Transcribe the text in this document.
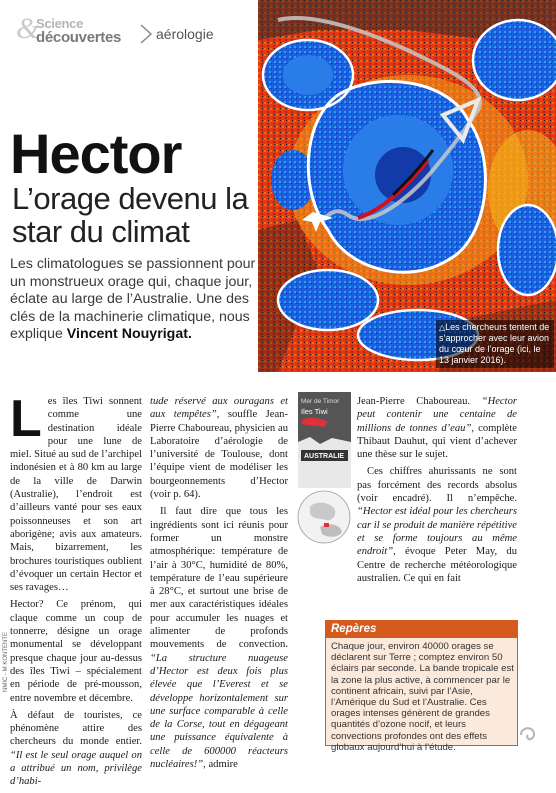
&
Science
découvertes aérologie
△Les chercheurs tentent de s’approcher avec leur avion du cœur de l’orage (ici, le 13 janvier 2016).
Hector
L’orage devenu la star du climat
Les climatologues se passionnent pour un monstrueux orage qui, chaque jour, éclate au large de l’Australie. Une des clés de la machinerie climatique, nous explique Vincent Nouyrigat.

Les îles Tiwi sonnent comme une destination idéale pour une lune de miel. Situé au sud de l’archipel indonésien et à 80 km au large de la ville de Darwin (Australie), l’endroit est d’ailleurs vanté pour ses eaux poissonneuses et son art aborigène; avis aux amateurs. Mais, bizarrement, les brochures touristiques oublient d’évoquer un certain Hector et ses ravages…

Hector? Ce prénom, qui claque comme un coup de tonnerre, désigne un orage monumental se développant presque chaque jour au-dessus des îles Tiwi – spécialement en période de pré-mousson, entre novembre et décembre.

À défaut de touristes, ce phénomène attire des chercheurs du monde entier. “Il est le seul orage auquel on a attribué un nom, privilège d’habi-

tude réservé aux ouragans et aux tempêtes”, souffle Jean-Pierre Chaboureau, physicien au Laboratoire d’aérologie de l’université de Toulouse, dont l’équipe vient de modéliser les bourgeonnements d’Hector (voir p. 64).

Il faut dire que tous les ingrédients sont ici réunis pour former un monstre atmosphérique: température de l’air à 30°C, humidité de 80%, température de l’eau supérieure à 28°C, et surtout une brise de mer aux caractéristiques idéales pour accumuler les nuages et alimenter de profonds mouvements de convection. “La structure nuageuse d’Hector est deux fois plus élevée que l’Everest et se développe horizontalement sur une surface comparable à celle de la Corse, tout en dégageant une puissance équivalente à celle de 600000 réacteurs nucléaires!”, admire

Mer de Timor
Iles Tiwi
AUSTRALIE

Jean-Pierre Chaboureau. “Hector peut contenir une centaine de millions de tonnes d’eau”, complète Thibaut Dauhut, qui vient d’achever une thèse sur le sujet.

Ces chiffres ahurissants ne sont pas forcément des records absolus (voir encadré). Il n’empêche. “Hector est idéal pour les chercheurs car il se produit de manière répétitive et se forme toujours au même endroit”, évoque Peter May, du Centre de recherche météorologique australien. Ce qui en fait

Repères
Chaque jour, environ 40000 orages se déclarent sur Terre ; comptez environ 50 éclairs par seconde. La bande tropicale est la zone la plus active, à commencer par le continent africain, suivi par l’Asie, l’Amérique du Sud et l’Australie. Ces orages intenses génèrent de grandes quantités d’ozone nocif, et leurs convections profondes ont des effets globaux aujourd’hui à l’étude.
NMIC - M KONTENTE
